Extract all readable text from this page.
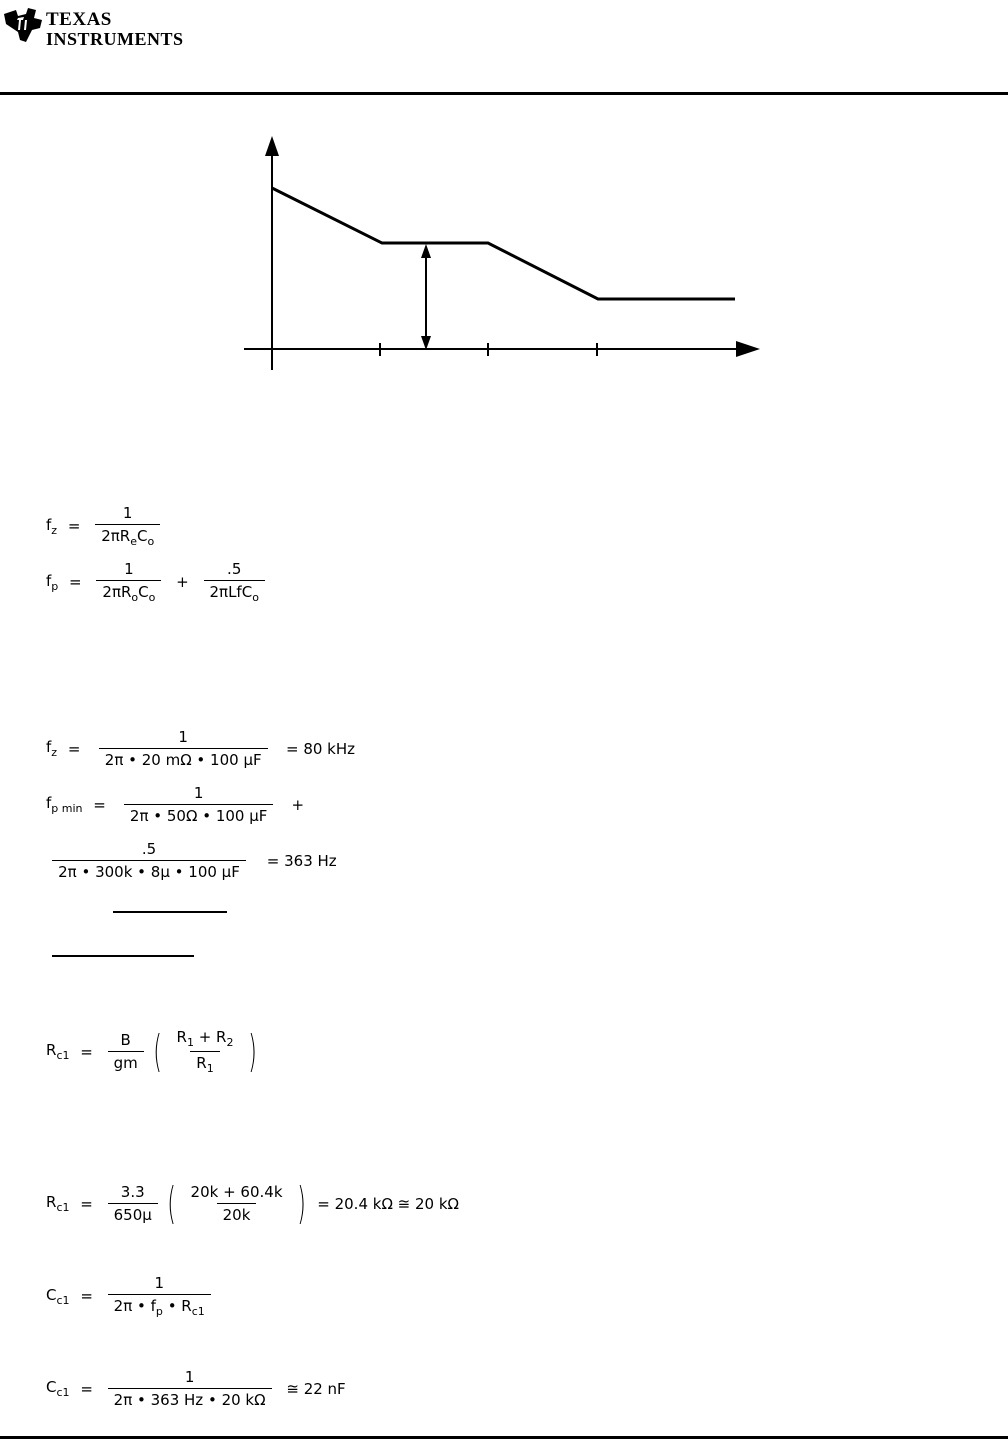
TEXAS
INSTRUMENTS
$f_z = \frac{1}{2\pi R_eC_o}$
$f_p = \frac{1}{2\pi R_oC_o} + \frac{.5}{2\pi LfC_o}$
$f_z = \frac{1}{2\pi • 20 m\Omega • 100 \mu F} = 80$ kHz
$f_{p min} = \frac{1}{2\pi • 50\Omega • 100 \mu F}$ +
$\frac{.5}{2\pi • 300k • 8\mu • 100 \mu F} = 363$ Hz
$R_{c1} = \frac{B}{gm}$ ( $\frac{R_1 + R_2}{R_1}$ )
$R_{c1} = \frac{3.3}{650\mu}$ ( $\frac{20k + 60.4k}{20k}$ ) = 20.4 kΩ ≅ 20 kΩ
$C_{c1} = \frac{1}{2\pi • f_p • R_{c1}}$
$C_{c1} = \frac{1}{2\pi • 363 Hz • 20 k\Omega}$ ≅ 22 nF
